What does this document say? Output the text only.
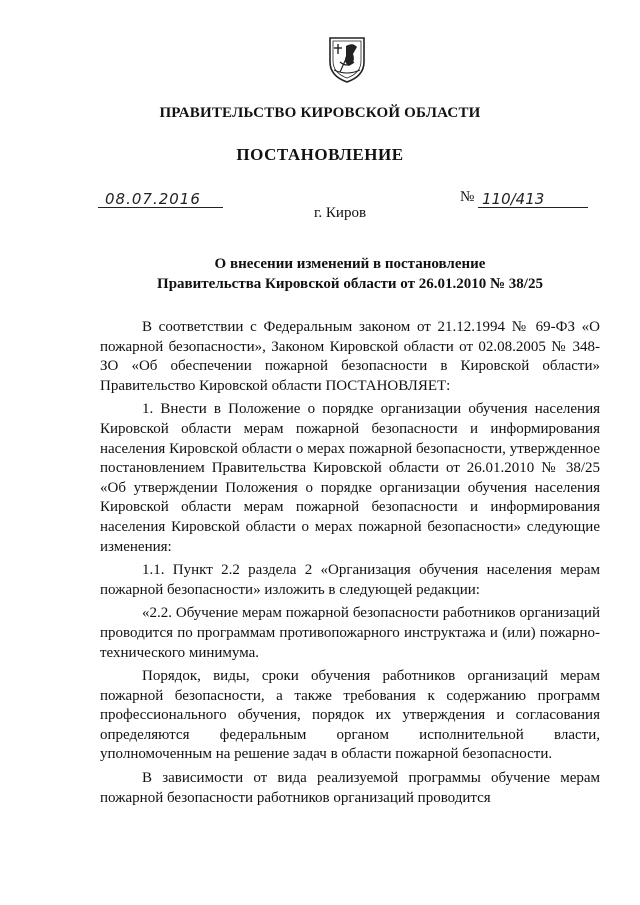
ПРАВИТЕЛЬСТВО КИРОВСКОЙ ОБЛАСТИ
ПОСТАНОВЛЕНИЕ
08.07.2016	№ 110/413
г. Киров
О внесении изменений в постановление
Правительства Кировской области от 26.01.2010 № 38/25

В соответствии с Федеральным законом от 21.12.1994 № 69-ФЗ «О пожарной безопасности», Законом Кировской области от 02.08.2005 № 348-ЗО «Об обеспечении пожарной безопасности в Кировской области» Правительство Кировской области ПОСТАНОВЛЯЕТ:

1. Внести в Положение о порядке организации обучения населения Кировской области мерам пожарной безопасности и информирования населения Кировской области о мерах пожарной безопасности, утвержденное постановлением Правительства Кировской области от 26.01.2010 № 38/25 «Об утверждении Положения о порядке организации обучения населения Кировской области мерам пожарной безопасности и информирования населения Кировской области о мерах пожарной безопасности» следующие изменения:

1.1. Пункт 2.2 раздела 2 «Организация обучения населения мерам пожарной безопасности» изложить в следующей редакции:

«2.2. Обучение мерам пожарной безопасности работников организаций проводится по программам противопожарного инструктажа и (или) пожарно-технического минимума.

Порядок, виды, сроки обучения работников организаций мерам пожарной безопасности, а также требования к содержанию программ профессионального обучения, порядок их утверждения и согласования определяются федеральным органом исполнительной власти, уполномоченным на решение задач в области пожарной безопасности.

В зависимости от вида реализуемой программы обучение мерам пожарной безопасности работников организаций проводится
